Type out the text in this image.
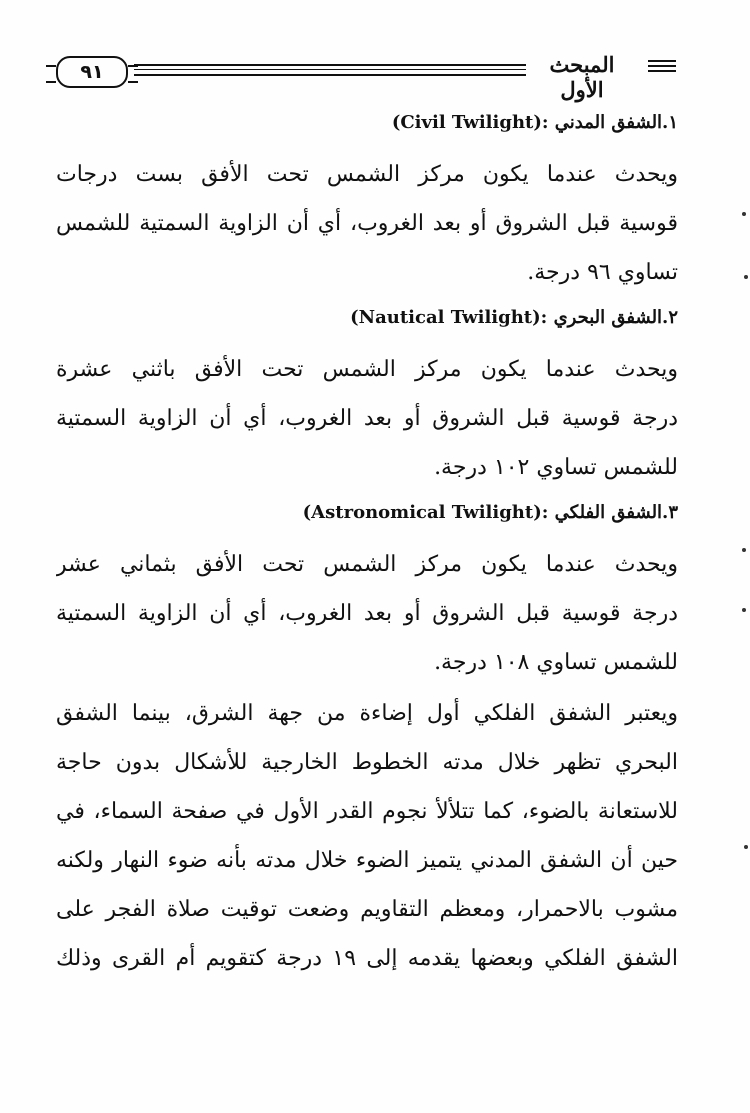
٩١	المبحث الأول
١.الشفق المدني (Civil Twilight):
ويحدث عندما يكون مركز الشمس تحت الأفق بست درجات
قوسية قبل الشروق أو بعد الغروب، أي أن الزاوية السمتية للشمس
تساوي ٩٦ درجة.
٢.الشفق البحري (Nautical Twilight):
ويحدث عندما يكون مركز الشمس تحت الأفق باثني عشرة
درجة قوسية قبل الشروق أو بعد الغروب، أي أن الزاوية السمتية
للشمس تساوي ١٠٢ درجة.
٣.الشفق الفلكي (Astronomical Twilight):
ويحدث عندما يكون مركز الشمس تحت الأفق بثماني عشر
درجة قوسية قبل الشروق أو بعد الغروب، أي أن الزاوية السمتية
للشمس تساوي ١٠٨ درجة.
ويعتبر الشفق الفلكي أول إضاءة من جهة الشرق، بينما الشفق
البحري تظهر خلال مدته الخطوط الخارجية للأشكال بدون حاجة
للاستعانة بالضوء، كما تتلألأ نجوم القدر الأول في صفحة السماء، في
حين أن الشفق المدني يتميز الضوء خلال مدته بأنه ضوء النهار ولكنه
مشوب بالاحمرار، ومعظم التقاويم وضعت توقيت صلاة الفجر على
الشفق الفلكي وبعضها يقدمه إلى ١٩ درجة كتقويم أم القرى وذلك
